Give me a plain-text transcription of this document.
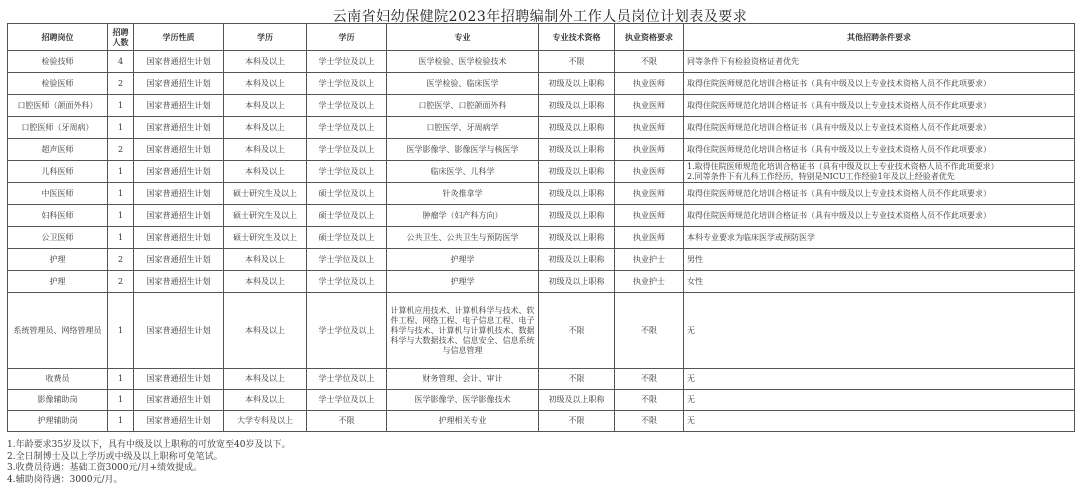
云南省妇幼保健院2023年招聘编制外工作人员岗位计划表及要求
招聘岗位	招聘人数	学历性质	学历	学历	专业	专业技术资格	执业资格要求	其他招聘条件要求
检验技师	4	国家普通招生计划	本科及以上	学士学位及以上	医学检验、医学检验技术	不限	不限	同等条件下有检验资格证者优先
检验医师	2	国家普通招生计划	本科及以上	学士学位及以上	医学检验、临床医学	初级及以上职称	执业医师	取得住院医师规范化培训合格证书（具有中级及以上专业技术资格人员不作此项要求）
口腔医师（颌面外科）	1	国家普通招生计划	本科及以上	学士学位及以上	口腔医学、口腔颌面外科	初级及以上职称	执业医师	取得住院医师规范化培训合格证书（具有中级及以上专业技术资格人员不作此项要求）
口腔医师（牙周病）	1	国家普通招生计划	本科及以上	学士学位及以上	口腔医学、牙周病学	初级及以上职称	执业医师	取得住院医师规范化培训合格证书（具有中级及以上专业技术资格人员不作此项要求）
超声医师	2	国家普通招生计划	本科及以上	学士学位及以上	医学影像学、影像医学与核医学	初级及以上职称	执业医师	取得住院医师规范化培训合格证书（具有中级及以上专业技术资格人员不作此项要求）
儿科医师	1	国家普通招生计划	本科及以上	学士学位及以上	临床医学、儿科学	初级及以上职称	执业医师	1.取得住院医师规范化培训合格证书（具有中级及以上专业技术资格人员不作此项要求）
2.同等条件下有儿科工作经历，特别是NICU工作经验1年及以上经验者优先

中医医师	1	国家普通招生计划	硕士研究生及以上	硕士学位及以上	针灸推拿学	初级及以上职称	执业医师	取得住院医师规范化培训合格证书（具有中级及以上专业技术资格人员不作此项要求）
妇科医师	1	国家普通招生计划	硕士研究生及以上	硕士学位及以上	肿瘤学（妇产科方向）	初级及以上职称	执业医师	取得住院医师规范化培训合格证书（具有中级及以上专业技术资格人员不作此项要求）
公卫医师	1	国家普通招生计划	硕士研究生及以上	硕士学位及以上	公共卫生、公共卫生与预防医学	初级及以上职称	执业医师	本科专业要求为临床医学或预防医学
护理	2	国家普通招生计划	本科及以上	学士学位及以上	护理学	初级及以上职称	执业护士	男性
护理	2	国家普通招生计划	本科及以上	学士学位及以上	护理学	初级及以上职称	执业护士	女性
系统管理员、网络管理员	1	国家普通招生计划	本科及以上	学士学位及以上	计算机应用技术、计算机科学与技术、软件工程、网络工程、电子信息工程、电子科学与技术、计算机与计算机技术、数据科学与大数据技术、信息安全、信息系统与信息管理	不限	不限	无
收费员	1	国家普通招生计划	本科及以上	学士学位及以上	财务管理、会计、审计	不限	不限	无
影像辅助岗	1	国家普通招生计划	本科及以上	学士学位及以上	医学影像学、医学影像技术	初级及以上职称	不限	无
护理辅助岗	1	国家普通招生计划	大学专科及以上	不限	护理相关专业	不限	不限	无
1.年龄要求35岁及以下，具有中级及以上职称的可放宽至40岁及以下。
2.全日制博士及以上学历或中级及以上职称可免笔试。
3.收费员待遇：基础工资3000元/月+绩效提成。
4.辅助岗待遇：3000元/月。
